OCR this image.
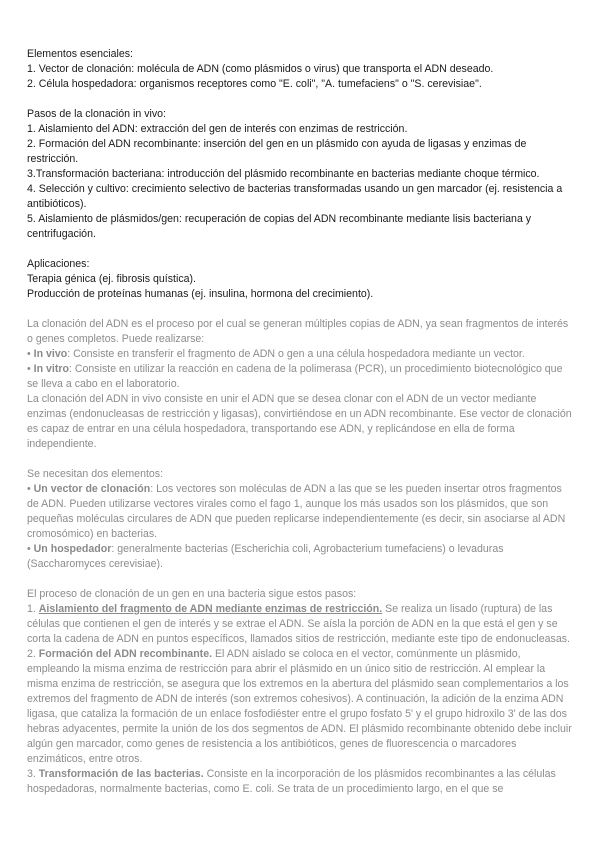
Elementos esenciales:

1. Vector de clonación: molécula de ADN (como plásmidos o virus) que transporta el ADN deseado.

2. Célula hospedadora: organismos receptores como "E. coli", "A. tumefaciens" o "S. cerevisiae".

Pasos de la clonación in vivo:

1. Aislamiento del ADN: extracción del gen de interés con enzimas de restricción.

2. Formación del ADN recombinante: inserción del gen en un plásmido con ayuda de ligasas y enzimas de restricción.

3.Transformación bacteriana: introducción del plásmido recombinante en bacterias mediante choque térmico.

4. Selección y cultivo: crecimiento selectivo de bacterias transformadas usando un gen marcador (ej. resistencia a antibióticos).

5. Aislamiento de plásmidos/gen: recuperación de copias del ADN recombinante mediante lisis bacteriana y centrifugación.

Aplicaciones:

Terapia génica (ej. fibrosis quística).

Producción de proteínas humanas (ej. insulina, hormona del crecimiento).

La clonación del ADN es el proceso por el cual se generan múltiples copias de ADN, ya sean fragmentos de interés o genes completos. Puede realizarse:

• In vivo: Consiste en transferir el fragmento de ADN o gen a una célula hospedadora mediante un vector.

• In vitro: Consiste en utilizar la reacción en cadena de la polimerasa (PCR), un procedimiento biotecnológico que se lleva a cabo en el laboratorio.

La clonación del ADN in vivo consiste en unir el ADN que se desea clonar con el ADN de un vector mediante enzimas (endonucleasas de restricción y ligasas), convirtiéndose en un ADN recombinante. Ese vector de clonación es capaz de entrar en una célula hospedadora, transportando ese ADN, y replicándose en ella de forma independiente.

Se necesitan dos elementos:

• Un vector de clonación: Los vectores son moléculas de ADN a las que se les pueden insertar otros fragmentos de ADN. Pueden utilizarse vectores virales como el fago 1, aunque los más usados son los plásmidos, que son pequeñas moléculas circulares de ADN que pueden replicarse independientemente (es decir, sin asociarse al ADN cromosómico) en bacterias.

• Un hospedador: generalmente bacterias (Escherichia coli, Agrobacterium tumefaciens) o levaduras (Saccharomyces cerevisiae).

El proceso de clonación de un gen en una bacteria sigue estos pasos:

1. Aislamiento del fragmento de ADN mediante enzimas de restricción. Se realiza un lisado (ruptura) de las células que contienen el gen de interés y se extrae el ADN. Se aísla la porción de ADN en la que está el gen y se corta la cadena de ADN en puntos específicos, llamados sitios de restricción, mediante este tipo de endonucleasas.

2. Formación del ADN recombinante. El ADN aislado se coloca en el vector, comúnmente un plásmido, empleando la misma enzima de restricción para abrir el plásmido en un único sitio de restricción. Al emplear la misma enzima de restricción, se asegura que los extremos en la abertura del plásmido sean complementarios a los extremos del fragmento de ADN de interés (son extremos cohesivos). A continuación, la adición de la enzima ADN ligasa, que cataliza la formación de un enlace fosfodiéster entre el grupo fosfato 5' y el grupo hidroxilo 3' de las dos hebras adyacentes, permite la unión de los dos segmentos de ADN. El plásmido recombinante obtenido debe incluir algún gen marcador, como genes de resistencia a los antibióticos, genes de fluorescencia o marcadores enzimáticos, entre otros.

3. Transformación de las bacterias. Consiste en la incorporación de los plásmidos recombinantes a las células hospedadoras, normalmente bacterias, como E. coli. Se trata de un procedimiento largo, en el que se
